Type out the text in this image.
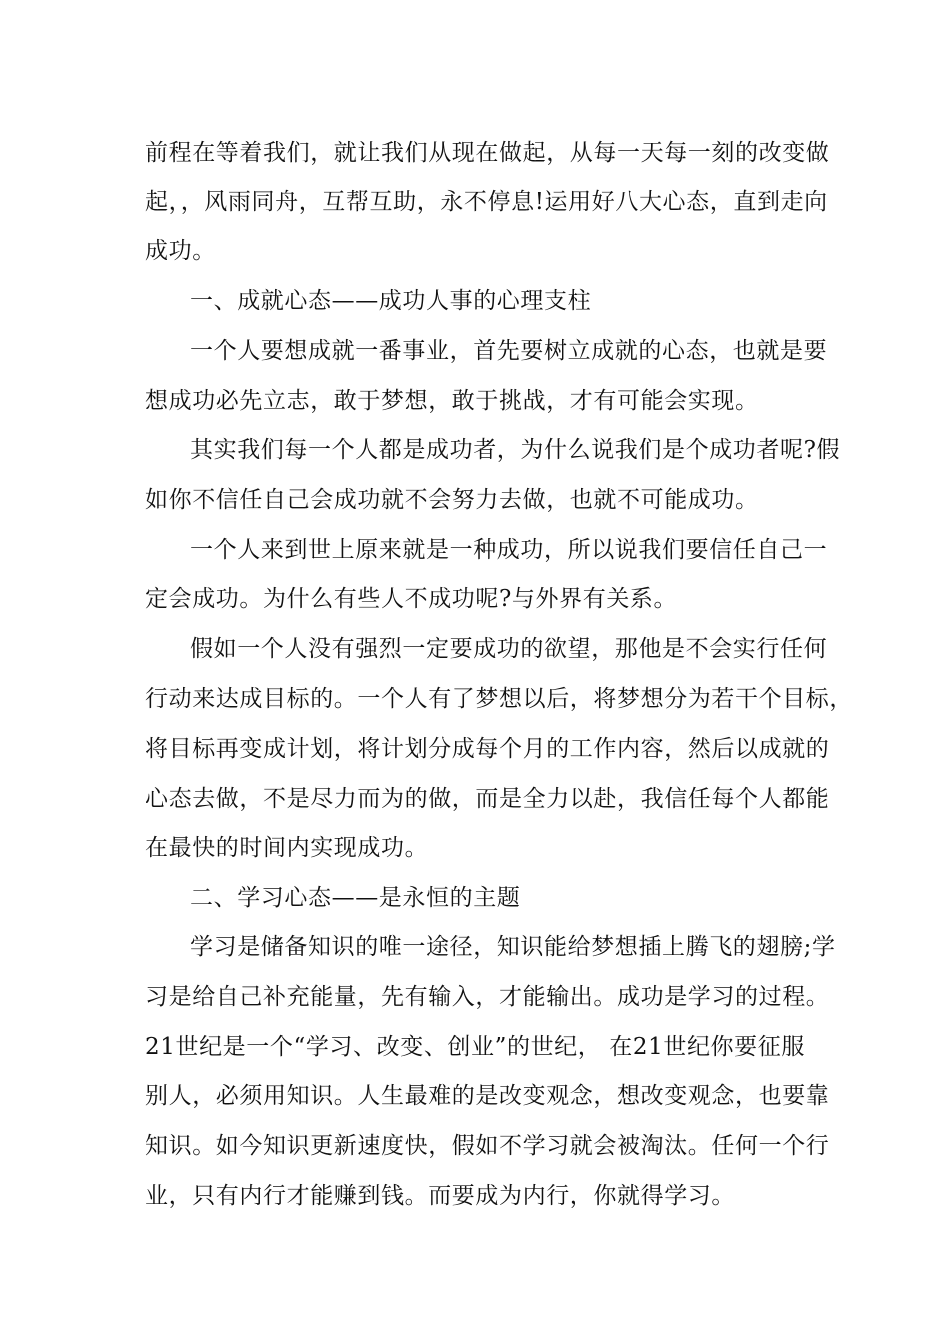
前程在等着我们，就让我们从现在做起，从每一天每一刻的改变做
起，，风雨同舟，互帮互助，永不停息!运用好八大心态，直到走向
成功。
一、成就心态——成功人事的心理支柱
一个人要想成就一番事业，首先要树立成就的心态，也就是要
想成功必先立志，敢于梦想，敢于挑战，才有可能会实现。
其实我们每一个人都是成功者，为什么说我们是个成功者呢?假
如你不信任自己会成功就不会努力去做，也就不可能成功。
一个人来到世上原来就是一种成功，所以说我们要信任自己一
定会成功。为什么有些人不成功呢?与外界有关系。
假如一个人没有强烈一定要成功的欲望，那他是不会实行任何
行动来达成目标的。一个人有了梦想以后，将梦想分为若干个目标，
将目标再变成计划，将计划分成每个月的工作内容，然后以成就的
心态去做，不是尽力而为的做，而是全力以赴，我信任每个人都能
在最快的时间内实现成功。
二、学习心态——是永恒的主题
学习是储备知识的唯一途径，知识能给梦想插上腾飞的翅膀;学
习是给自己补充能量，先有输入，才能输出。成功是学习的过程。
21世纪是一个“学习、改变、创业”的世纪， 在21世纪你要征服
别人，必须用知识。人生最难的是改变观念，想改变观念，也要靠
知识。如今知识更新速度快，假如不学习就会被淘汰。任何一个行
业，只有内行才能赚到钱。而要成为内行，你就得学习。
